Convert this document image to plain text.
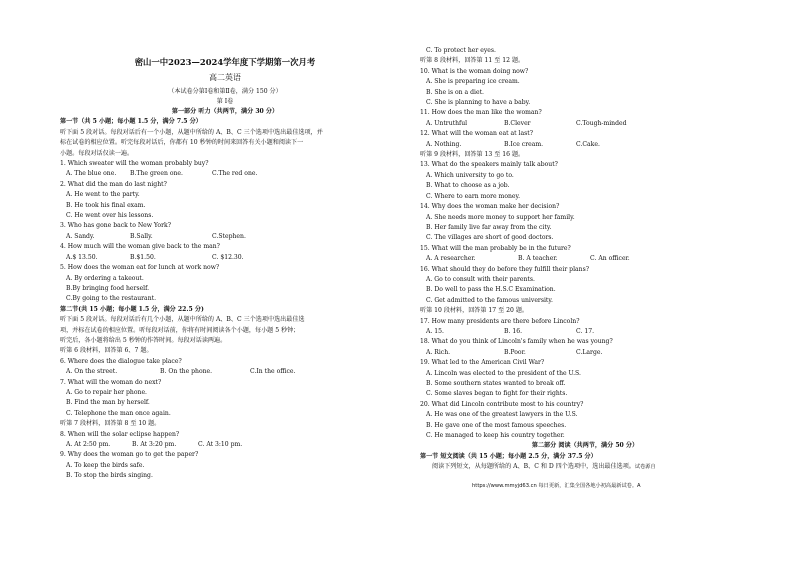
密山一中2023—2024学年度下学期第一次月考
高二英语
（本试卷分第Ⅰ卷和第Ⅱ卷，满分 150 分）
第 Ⅰ卷
第一部分 听力（共两节，满分 30 分）
第一节（共 5 小题；每小题 1.5 分，满分 7.5 分）
听下面 5 段对话。每段对话后有一个小题，从题中所给的 A、B、C 三个选项中选出最佳选项，并
标在试卷的相应位置。听完每段对话后，你都有 10 秒钟的时间来回答有关小题和阅读下一
小题。每段对话仅读一遍。
1. Which sweater will the woman probably buy?
A. The blue one.	B.The green one.	C.The red one.
2. What did the man do last night?
A. He went to the party.
B. He took his final exam.
C. He went over his lessons.
3. Who has gone back to New York?
A. Sandy.	B.Sally.	C.Stephen.
4. How much will the woman give back to the man?
A.$ 13.50.	B.$1.50.	C. $12.30.
5. How does the woman eat for lunch at work now?
A. By ordering a takeout.
B.By bringing food herself.
C.By going to the restaurant.
第二节(共 15 小题；每小题 1.5 分，满分 22.5 分)
听下面 5 段对话。每段对话后有几个小题，从题中所给的 A、B、C 三个选项中选出最佳选
项，并标在试卷的相应位置。听每段对话前，你将有时间阅读各个小题，每小题 5 秒钟；
听完后，各小题将给出 5 秒钟的作答时间。每段对话读两遍。
听第 6 段材料，回答第 6、7 题。
6. Where does the dialogue take place?
A. On the street.	B. On the phone.	C.In the office.
7. What will the woman do next?
A. Go to repair her phone.
B. Find the man by herself.
C. Telephone the man once again.
听第 7 段材料，回答第 8 至 10 题。
8. When will the solar eclipse happen?
A. At 2:50 pm.	B. At 3:20 pm.	C. At 3:10 pm.
9. Why does the woman go to get the paper?
A. To keep the birds safe.
B. To stop the birds singing.
C. To protect her eyes.
听第 8 段材料，回答第 11 至 12 题。
10. What is the woman doing now?
A. She is preparing ice cream.
B. She is on a diet.
C. She is planning to have a baby.
11. How does the man like the woman?
A. Untruthful	B.Clever	C.Tough-minded
12. What will the woman eat at last?
A. Nothing.	B.Ice cream.	C.Cake.
听第 9 段材料，回答第 13 至 16 题。
13. What do the speakers mainly talk about?
A. Which university to go to.
B. What to choose as a job.
C. Where to earn more money.
14. Why does the woman make her decision?
A. She needs more money to support her family.
B. Her family live far away from the city.
C. The villages are short of good doctors.
15. What will the man probably be in the future?
A. A researcher.	B. A teacher.	C. An officer.
16. What should they do before they fulfill their plans?
A. Go to consult with their parents.
B. Do well to pass the H.S.C Examination.
C. Get admitted to the famous university.
听第 10 段材料，回答第 17 至 20 题。
17. How many presidents are there before Lincoln?
A. 15.	B. 16.	C. 17.
18. What do you think of Lincoln's family when he was young?
A. Rich.	B.Poor.	C.Large.
19. What led to the American Civil War?
A. Lincoln was elected to the president of the U.S.
B. Some southern states wanted to break off.
C. Some slaves began to fight for their rights.
20. What did Lincoln contribute most to his country?
A. He was one of the greatest lawyers in the U.S.
B. He gave one of the most famous speeches.
C. He managed to keep his country together.
第二部分 阅读（共两节，满分 50 分）
第一节 短文阅读（共 15 小题；每小题 2.5 分，满分 37.5 分）
阅读下列短文，从每题所给的 A、B、C 和 D 四个选项中，选出最佳选项。试卷源自
https://www.mmyjd63.cn 每日更新，汇集全国各地小初高最新试卷。A
